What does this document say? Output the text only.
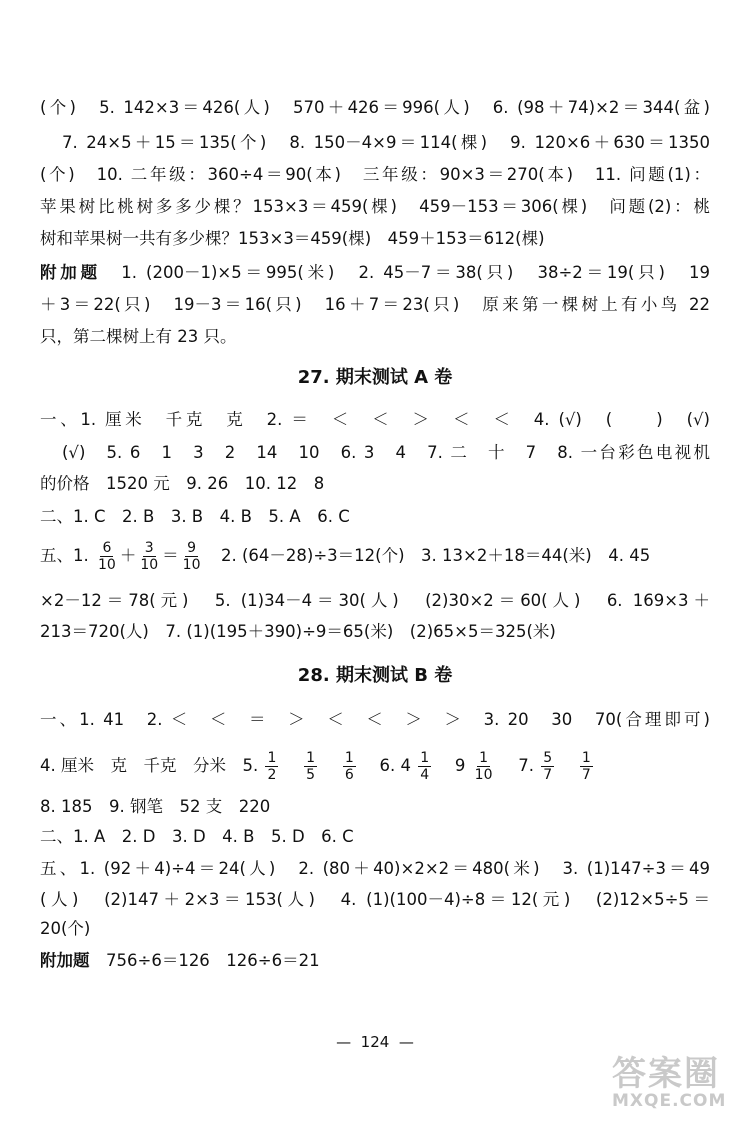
(个)　5. 142×3＝426(人)　570＋426＝996(人)　6. (98＋74)×2＝344(盆)
7. 24×5＋15＝135(个)　8. 150－4×9＝114(棵)　9. 120×6＋630＝1350
(个)　10. 二年级：360÷4＝90(本)　三年级：90×3＝270(本)　11. 问题(1)：
苹果树比桃树多多少棵？153×3＝459(棵)　459－153＝306(棵)　问题(2)：桃
树和苹果树一共有多少棵？153×3＝459(棵)　459＋153＝612(棵)
附加题　 1. (200－1)×5＝995(米)　2. 45－7＝38(只)　38÷2＝19(只)　19
＋3＝22(只)　19－3＝16(只)　16＋7＝23(只)　原来第一棵树上有小鸟 22
只，第二棵树上有 23 只。
27. 期末测试 A 卷
一、1. 厘米　千克　克　2. ＝　＜　＜　＞　＜　＜　4. (√)　(　　)　(√)
(√)　5. 6　1　3　2　14　10　6. 3　4　7. 二　十　7　8. 一台彩色电视机
的价格　1520 元　9. 26　10. 12　8
二、1. C　2. B　3. B　4. B　5. A　6. C
五、1. $\frac{6}{10} + \frac{3}{10} = \frac{9}{10}$ 　2. (64－28)÷3＝12(个)　3. 13×2＋18＝44(米)　4. 45
×2－12＝78(元)　5. (1)34－4＝30(人)　(2)30×2＝60(人)　6. 169×3＋
213＝720(人)　7. (1)(195＋390)÷9＝65(米)　(2)65×5＝325(米)
28. 期末测试 B 卷
一、1. 41　2. ＜　＜　＝　＞　＜　＜　＞　＞　3. 20　30　70(合理即可)
4. 厘米　克　千克　分米　5. $\frac{1}{2}$
　 $\frac{1}{5}$
　 $\frac{1}{6}$
　 6. $4 \frac{1}{4}$
　 $9 \frac{1}{10}$
　 7. $\frac{5}{7}$
　 $\frac{1}{7}$
8. 185　9. 钢笔　52 支　220
二、1. A　2. D　3. D　4. B　5. D　6. C
五、1. (92＋4)÷4＝24(人)　2. (80＋40)×2×2＝480(米)　3. (1)147÷3＝49
(人)　(2)147＋2×3＝153(人)　4. (1)(100－4)÷8＝12(元)　(2)12×5÷5＝
20(个)
附加题　 756÷6＝126　126÷6＝21
— 124 —
答案圈
MXQE.COM
